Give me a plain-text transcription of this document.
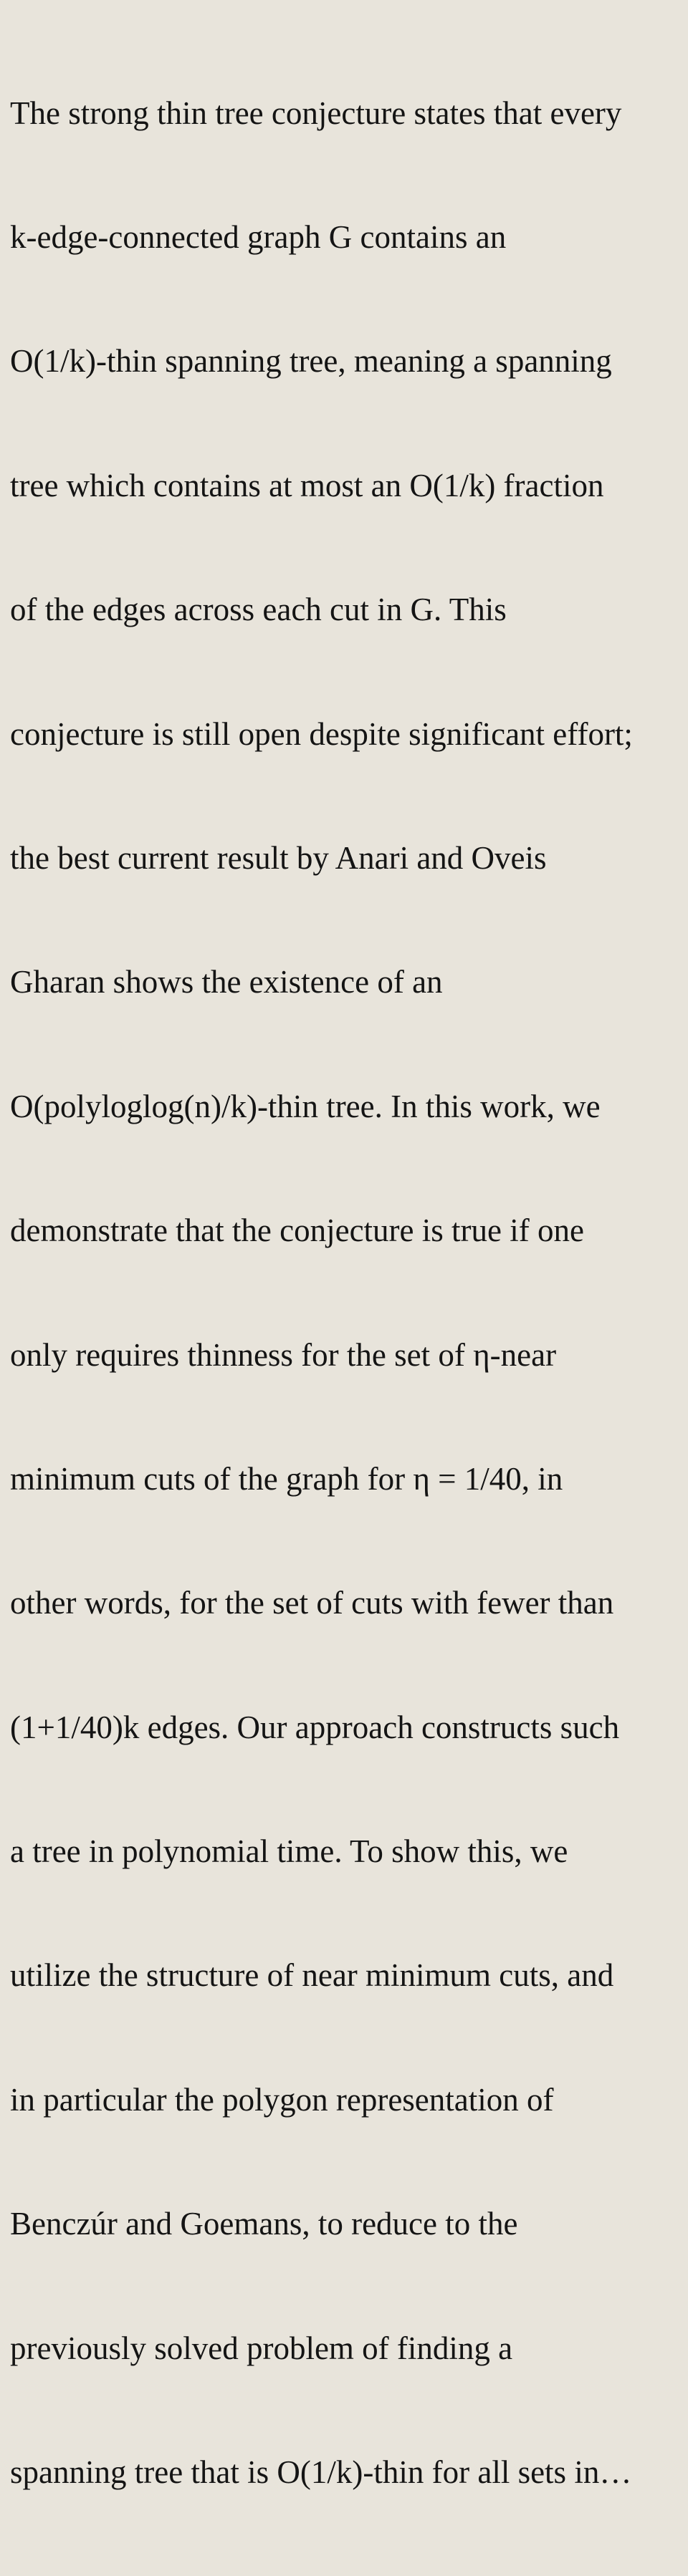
The strong thin tree conjecture states that every

k-edge-connected graph G contains an

O(1/k)-thin spanning tree, meaning a spanning

tree which contains at most an O(1/k) fraction

of the edges across each cut in G. This

conjecture is still open despite significant effort;

the best current result by Anari and Oveis

Gharan shows the existence of an

O(polyloglog(n)/k)-thin tree. In this work, we

demonstrate that the conjecture is true if one

only requires thinness for the set of η-near

minimum cuts of the graph for η = 1/40, in

other words, for the set of cuts with fewer than

(1+1/40)k edges. Our approach constructs such

a tree in polynomial time. To show this, we

utilize the structure of near minimum cuts, and

in particular the polygon representation of

Benczúr and Goemans, to reduce to the

previously solved problem of finding a

spanning tree that is O(1/k)-thin for all sets in…
